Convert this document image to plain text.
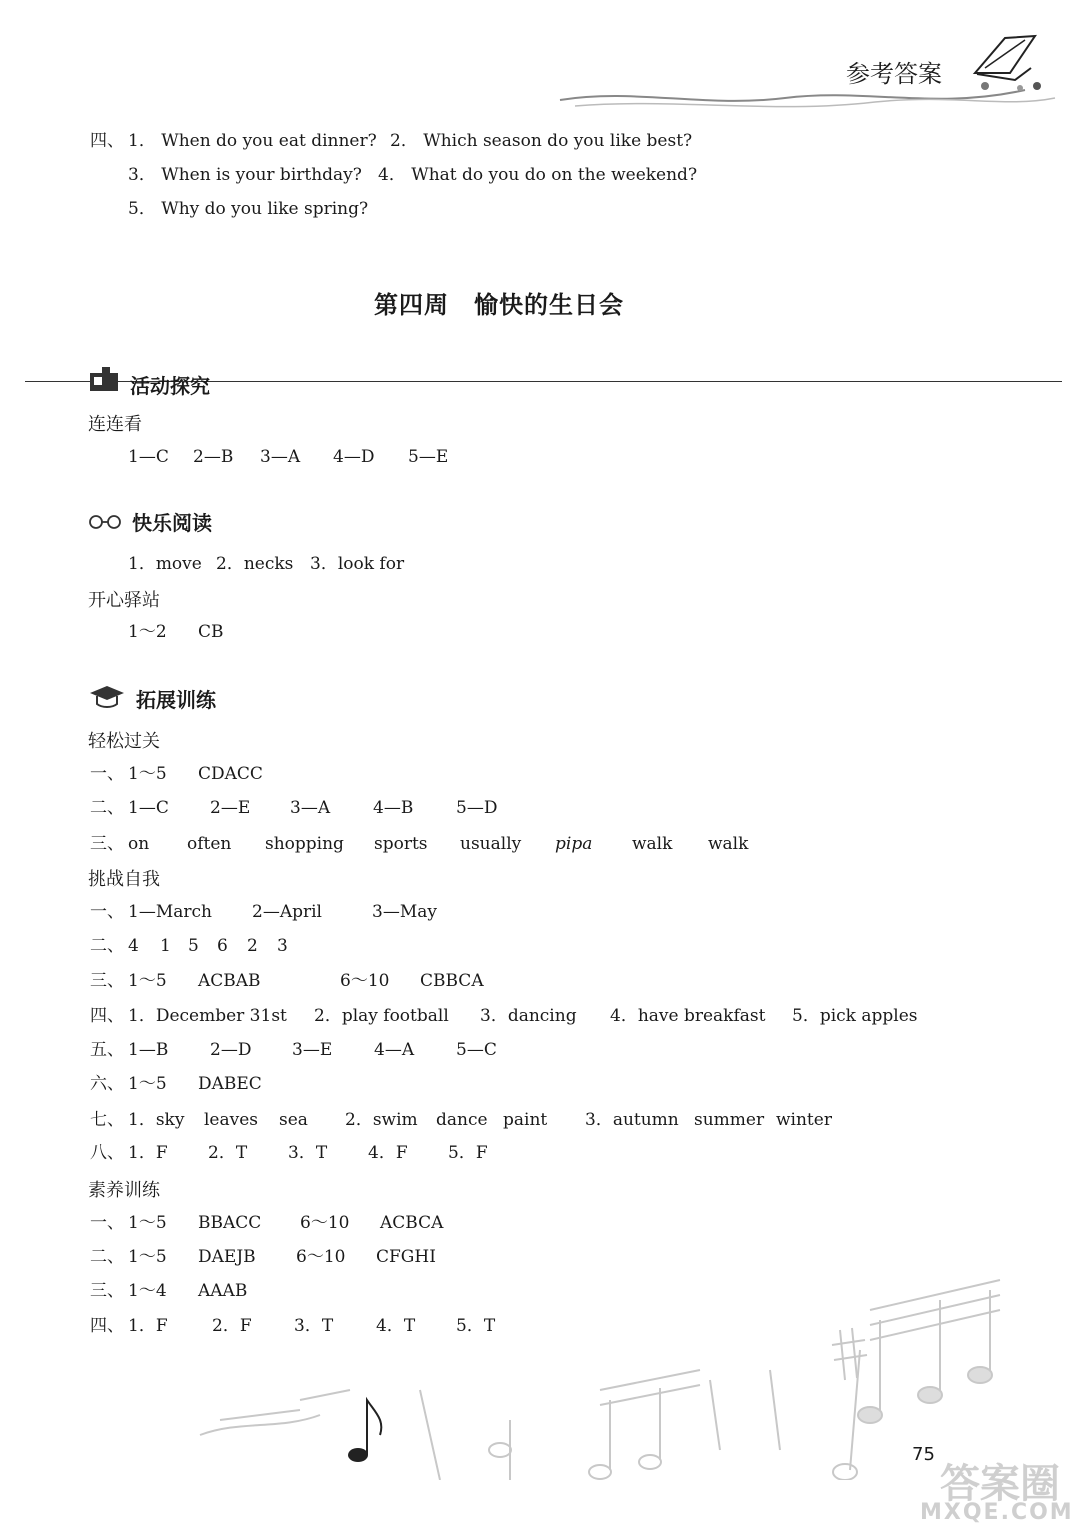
参考答案
四、 1． When do you eat dinner? 2． Which season do you like best?
3． When is your birthday? 4． What do you do on the weekend?
5． Why do you like spring?
第四周　愉快的生日会
活动探究
连连看
1—C 2—B 3—A 4—D 5—E
快乐阅读
1．move 2．necks 3．look for
开心驿站
1～2 CB
拓展训练
轻松过关
一、 1～5 CDACC
二、 1—C 2—E 3—A	4—B	5—D
三、 on often shopping sports usually pipa walk walk
挑战自我
一、 1—March 2—April	3—May
二、 4 1 5 6 2 3
三、 1～5 ACBAB	6～10 CBBCA
四、 1．December 31st 2．play football 3．dancing 4．have breakfast 5．pick apples
五、 1—B 2—D 3—E 4—A 5—C
六、 1～5 DABEC
七、 1．sky leaves sea 2．swim dance paint 3．autumn summer winter
八、 1．F 2．T 3．T 4．F 5．F
素养训练
一、 1～5 BBACC 6～10 ACBCA
二、 1～5 DAEJB 6～10 CFGHI
三、 1～4 AAAB
四、 1．F	2．F 3．T	4．T 5．T
75
答案圈
MXQE.COM
